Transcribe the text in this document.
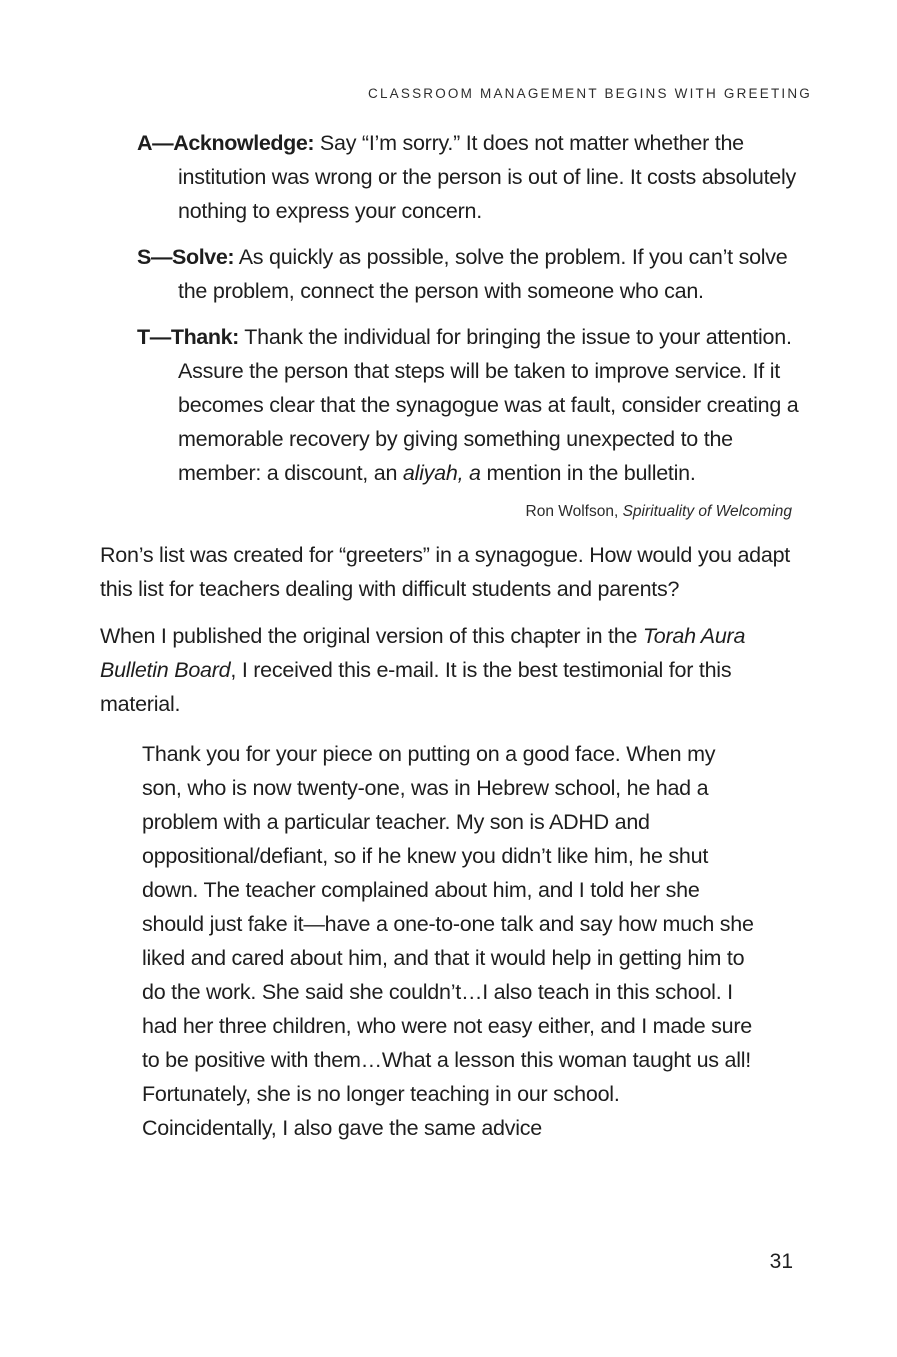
CLASSROOM MANAGEMENT BEGINS WITH GREETING
A—Acknowledge: Say “I’m sorry.” It does not matter whether the institution was wrong or the person is out of line. It costs absolutely nothing to express your concern.
S—Solve: As quickly as possible, solve the problem. If you can’t solve the problem, connect the person with someone who can.
T—Thank: Thank the individual for bringing the issue to your attention. Assure the person that steps will be taken to improve service. If it becomes clear that the synagogue was at fault, consider creating a memorable recovery by giving something unexpected to the member: a discount, an aliyah, a mention in the bulletin.
Ron Wolfson, Spirituality of Welcoming
Ron’s list was created for “greeters” in a synagogue. How would you adapt this list for teachers dealing with difficult students and parents?
When I published the original version of this chapter in the Torah Aura Bulletin Board, I received this e-mail. It is the best testimonial for this material.
Thank you for your piece on putting on a good face. When my son, who is now twenty-one, was in Hebrew school, he had a problem with a particular teacher. My son is ADHD and oppositional/defiant, so if he knew you didn’t like him, he shut down. The teacher complained about him, and I told her she should just fake it—have a one-to-one talk and say how much she liked and cared about him, and that it would help in getting him to do the work. She said she couldn’t…I also teach in this school. I had her three children, who were not easy either, and I made sure to be positive with them…What a lesson this woman taught us all! Fortunately, she is no longer teaching in our school. Coincidentally, I also gave the same advice
31
